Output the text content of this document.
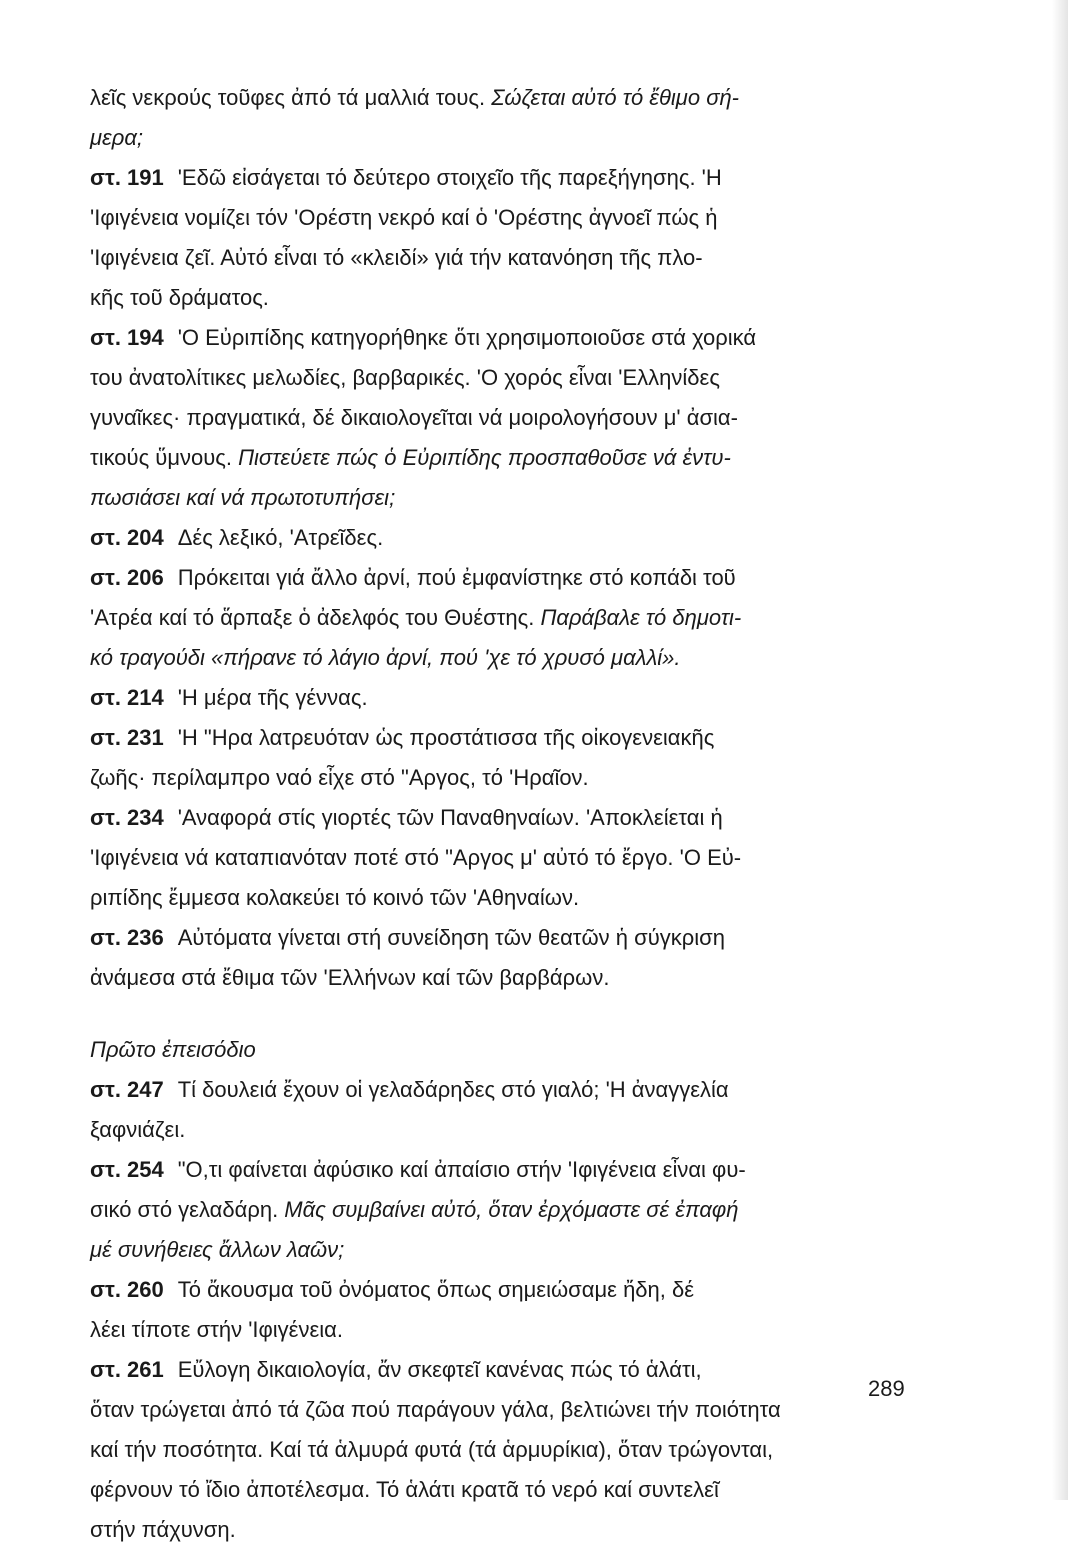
λεῖς νεκρούς τοῦφες ἀπό τά μαλλιά τους. Σώζεται αὐτό τό ἔθιμο σή-
μερα;
στ. 191 'Εδῶ εἰσάγεται τό δεύτερο στοιχεῖο τῆς παρεξήγησης. 'Η
'Ιφιγένεια νομίζει τόν 'Ορέστη νεκρό καί ὁ 'Ορέστης ἀγνοεῖ πώς ἡ
'Ιφιγένεια ζεῖ. Αὐτό εἶναι τό «κλειδί» γιά τήν κατανόηση τῆς πλο-
κῆς τοῦ δράματος.
στ. 194 'Ο Εὐριπίδης κατηγορήθηκε ὅτι χρησιμοποιοῦσε στά χορικά
του ἀνατολίτικες μελωδίες, βαρβαρικές. 'Ο χορός εἶναι 'Ελληνίδες
γυναῖκες· πραγματικά, δέ δικαιολογεῖται νά μοιρολογήσουν μ' ἀσια-
τικούς ὕμνους. Πιστεύετε πώς ὁ Εὐριπίδης προσπαθοῦσε νά ἐντυ-
πωσιάσει καί νά πρωτοτυπήσει;
στ. 204 Δές λεξικό, 'Ατρεῖδες.
στ. 206 Πρόκειται γιά ἄλλο ἀρνί, πού ἐμφανίστηκε στό κοπάδι τοῦ
'Ατρέα καί τό ἅρπαξε ὁ ἀδελφός του Θυέστης. Παράβαλε τό δημοτι-
κό τραγούδι «πήρανε τό λάγιο ἀρνί, πού 'χε τό χρυσό μαλλί».
στ. 214 'Η μέρα τῆς γέννας.
στ. 231 'Η "Ηρα λατρευόταν ὡς προστάτισσα τῆς οἰκογενειακῆς
ζωῆς· περίλαμπρο ναό εἶχε στό "Αργος, τό 'Ηραῖον.
στ. 234 'Αναφορά στίς γιορτές τῶν Παναθηναίων. 'Αποκλείεται ἡ
'Ιφιγένεια νά καταπιανόταν ποτέ στό "Αργος μ' αὐτό τό ἔργο. 'Ο Εὐ-
ριπίδης ἔμμεσα κολακεύει τό κοινό τῶν 'Αθηναίων.
στ. 236 Αὐτόματα γίνεται στή συνείδηση τῶν θεατῶν ἡ σύγκριση
ἀνάμεσα στά ἔθιμα τῶν 'Ελλήνων καί τῶν βαρβάρων.
Πρῶτο ἐπεισόδιο
στ. 247 Τί δουλειά ἔχουν οἱ γελαδάρηδες στό γιαλό; 'Η ἀναγγελία
ξαφνιάζει.
στ. 254 "Ο,τι φαίνεται ἀφύσικο καί ἀπαίσιο στήν 'Ιφιγένεια εἶναι φυ-
σικό στό γελαδάρη. Μᾶς συμβαίνει αὐτό, ὅταν ἐρχόμαστε σέ ἐπαφή
μέ συνήθειες ἄλλων λαῶν;
στ. 260 Τό ἄκουσμα τοῦ ὀνόματος ὅπως σημειώσαμε ἤδη, δέ
λέει τίποτε στήν 'Ιφιγένεια.
στ. 261 Εὔλογη δικαιολογία, ἄν σκεφτεῖ κανένας πώς τό ἁλάτι,
ὅταν τρώγεται ἀπό τά ζῶα πού παράγουν γάλα, βελτιώνει τήν ποιότητα
καί τήν ποσότητα. Καί τά ἁλμυρά φυτά (τά ἁρμυρίκια), ὅταν τρώγονται,
φέρνουν τό ἴδιο ἀποτέλεσμα. Τό ἁλάτι κρατᾶ τό νερό καί συντελεῖ
στήν πάχυνση.
289
